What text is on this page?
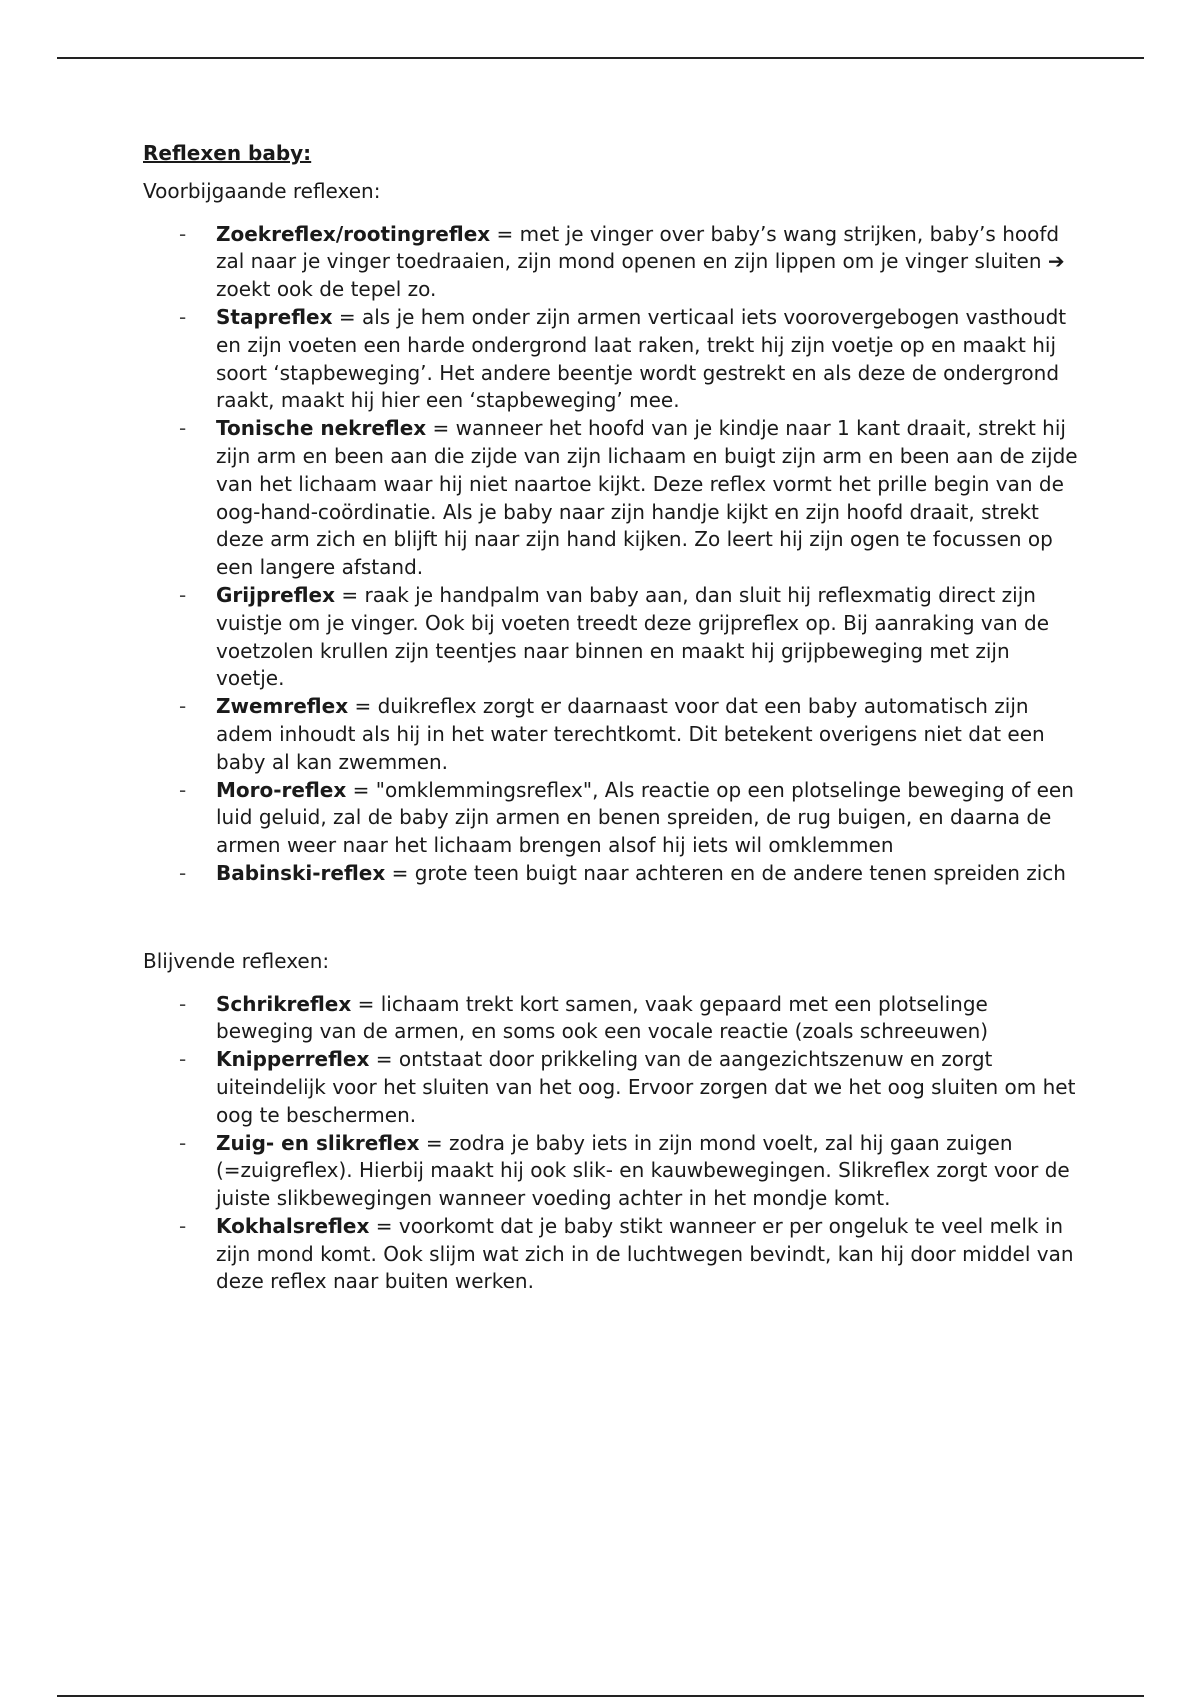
Reflexen baby:

Voorbijgaande reflexen:

- Zoekreflex/rootingreflex = met je vinger over baby’s wang strijken, baby’s hoofd zal naar je vinger toedraaien, zijn mond openen en zijn lippen om je vinger sluiten ➔ zoekt ook de tepel zo.
- Stapreflex = als je hem onder zijn armen verticaal iets voorovergebogen vasthoudt en zijn voeten een harde ondergrond laat raken, trekt hij zijn voetje op en maakt hij soort ‘stapbeweging’. Het andere beentje wordt gestrekt en als deze de ondergrond raakt, maakt hij hier een ‘stapbeweging’ mee.
- Tonische nekreflex = wanneer het hoofd van je kindje naar 1 kant draait, strekt hij zijn arm en been aan die zijde van zijn lichaam en buigt zijn arm en been aan de zijde van het lichaam waar hij niet naartoe kijkt. Deze reflex vormt het prille begin van de oog-hand-coördinatie. Als je baby naar zijn handje kijkt en zijn hoofd draait, strekt deze arm zich en blijft hij naar zijn hand kijken. Zo leert hij zijn ogen te focussen op een langere afstand.
- Grijpreflex = raak je handpalm van baby aan, dan sluit hij reflexmatig direct zijn vuistje om je vinger. Ook bij voeten treedt deze grijpreflex op. Bij aanraking van de voetzolen krullen zijn teentjes naar binnen en maakt hij grijpbeweging met zijn voetje.
- Zwemreflex = duikreflex zorgt er daarnaast voor dat een baby automatisch zijn adem inhoudt als hij in het water terechtkomt. Dit betekent overigens niet dat een baby al kan zwemmen.
- Moro-reflex = "omklemmingsreflex", Als reactie op een plotselinge beweging of een luid geluid, zal de baby zijn armen en benen spreiden, de rug buigen, en daarna de armen weer naar het lichaam brengen alsof hij iets wil omklemmen
- Babinski-reflex = grote teen buigt naar achteren en de andere tenen spreiden zich

Blijvende reflexen:

- Schrikreflex = lichaam trekt kort samen, vaak gepaard met een plotselinge beweging van de armen, en soms ook een vocale reactie (zoals schreeuwen)
- Knipperreflex = ontstaat door prikkeling van de aangezichtszenuw en zorgt uiteindelijk voor het sluiten van het oog. Ervoor zorgen dat we het oog sluiten om het oog te beschermen.
- Zuig- en slikreflex = zodra je baby iets in zijn mond voelt, zal hij gaan zuigen (=zuigreflex). Hierbij maakt hij ook slik- en kauwbewegingen. Slikreflex zorgt voor de juiste slikbewegingen wanneer voeding achter in het mondje komt.
- Kokhalsreflex = voorkomt dat je baby stikt wanneer er per ongeluk te veel melk in zijn mond komt. Ook slijm wat zich in de luchtwegen bevindt, kan hij door middel van deze reflex naar buiten werken.
